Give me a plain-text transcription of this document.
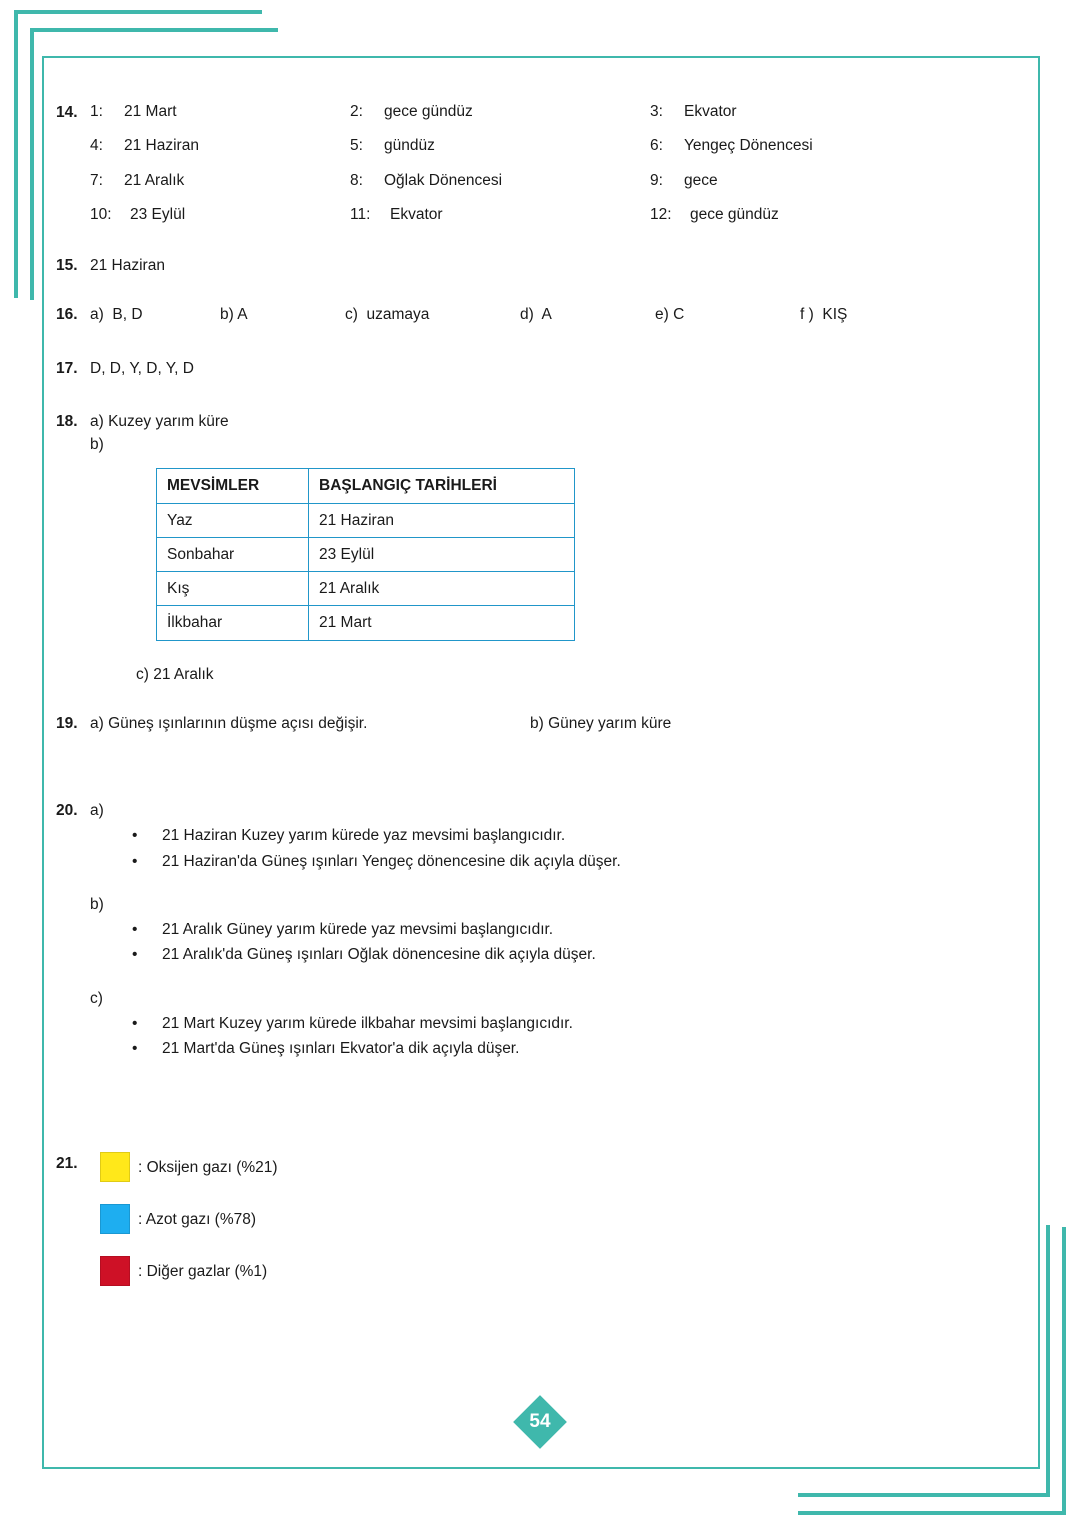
14. 1:	21 Mart	2:	gece gündüz	3:	Ekvator
4:	21 Haziran	5:	gündüz	6:	Yengeç Dönencesi
7:	21 Aralık	8:	Oğlak Dönencesi	9:	gece
10:	23 Eylül	11:	Ekvator	12:	gece gündüz
15. 21 Haziran
16. a)  B, D	b) A	c)  uzamaya	d)  A	e) C	f )  KIŞ
17. D, D, Y, D, Y, D
18. a) Kuzey yarım küre
b)
MEVSİMLER	BAŞLANGIÇ TARİHLERİ
Yaz	21 Haziran
Sonbahar	23 Eylül
Kış	21 Aralık
İlkbahar	21 Mart
c) 21 Aralık
19. a) Güneş ışınlarının düşme açısı değişir.	b) Güney yarım küre
20. a)
•	21 Haziran Kuzey yarım kürede yaz mevsimi başlangıcıdır.
•	21 Haziran'da Güneş ışınları Yengeç dönencesine dik açıyla düşer.
b)
•	21 Aralık Güney yarım kürede yaz mevsimi başlangıcıdır.
•	21 Aralık'da Güneş ışınları Oğlak dönencesine dik açıyla düşer.
c)
•	21 Mart Kuzey yarım kürede ilkbahar mevsimi başlangıcıdır.
•	21 Mart'da Güneş ışınları Ekvator'a dik açıyla düşer.
21.	: Oksijen gazı (%21)
: Azot gazı (%78)
: Diğer gazlar (%1)
54
